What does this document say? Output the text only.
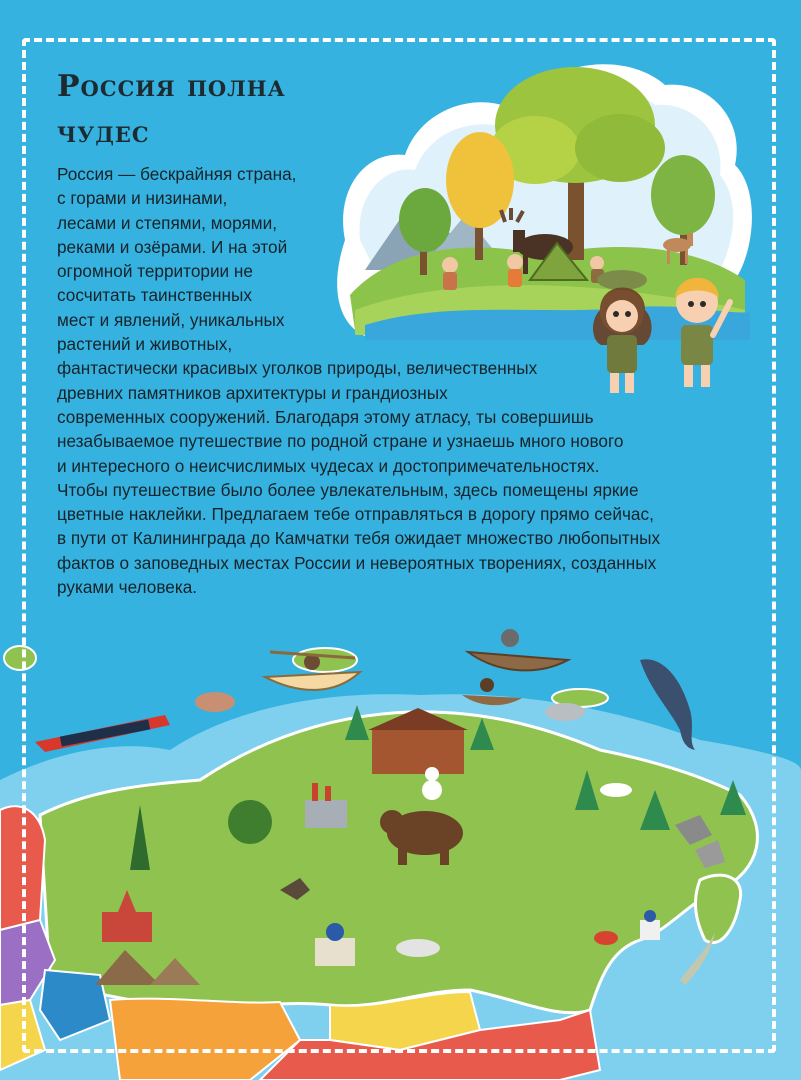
Россия полна
чудес

Россия — бескрайняя страна,
с горами и низинами,
лесами и степями, морями,
реками и озёрами. И на этой
огромной территории не
сосчитать таинственных
мест и явлений, уникальных
растений и животных,
фантастически красивых уголков природы, величественных
древних памятников архитектуры и грандиозных
современных сооружений. Благодаря этому атласу, ты совершишь
незабываемое путешествие по родной стране и узнаешь много нового
и интересного о неисчислимых чудесах и достопримечательностях.
Чтобы путешествие было более увлекательным, здесь помещены яркие
цветные наклейки. Предлагаем тебе отправляться в дорогу прямо сейчас,
в пути от Калининграда до Камчатки тебя ожидает множество любопытных
фактов о заповедных местах России и невероятных творениях, созданных
руками человека.
